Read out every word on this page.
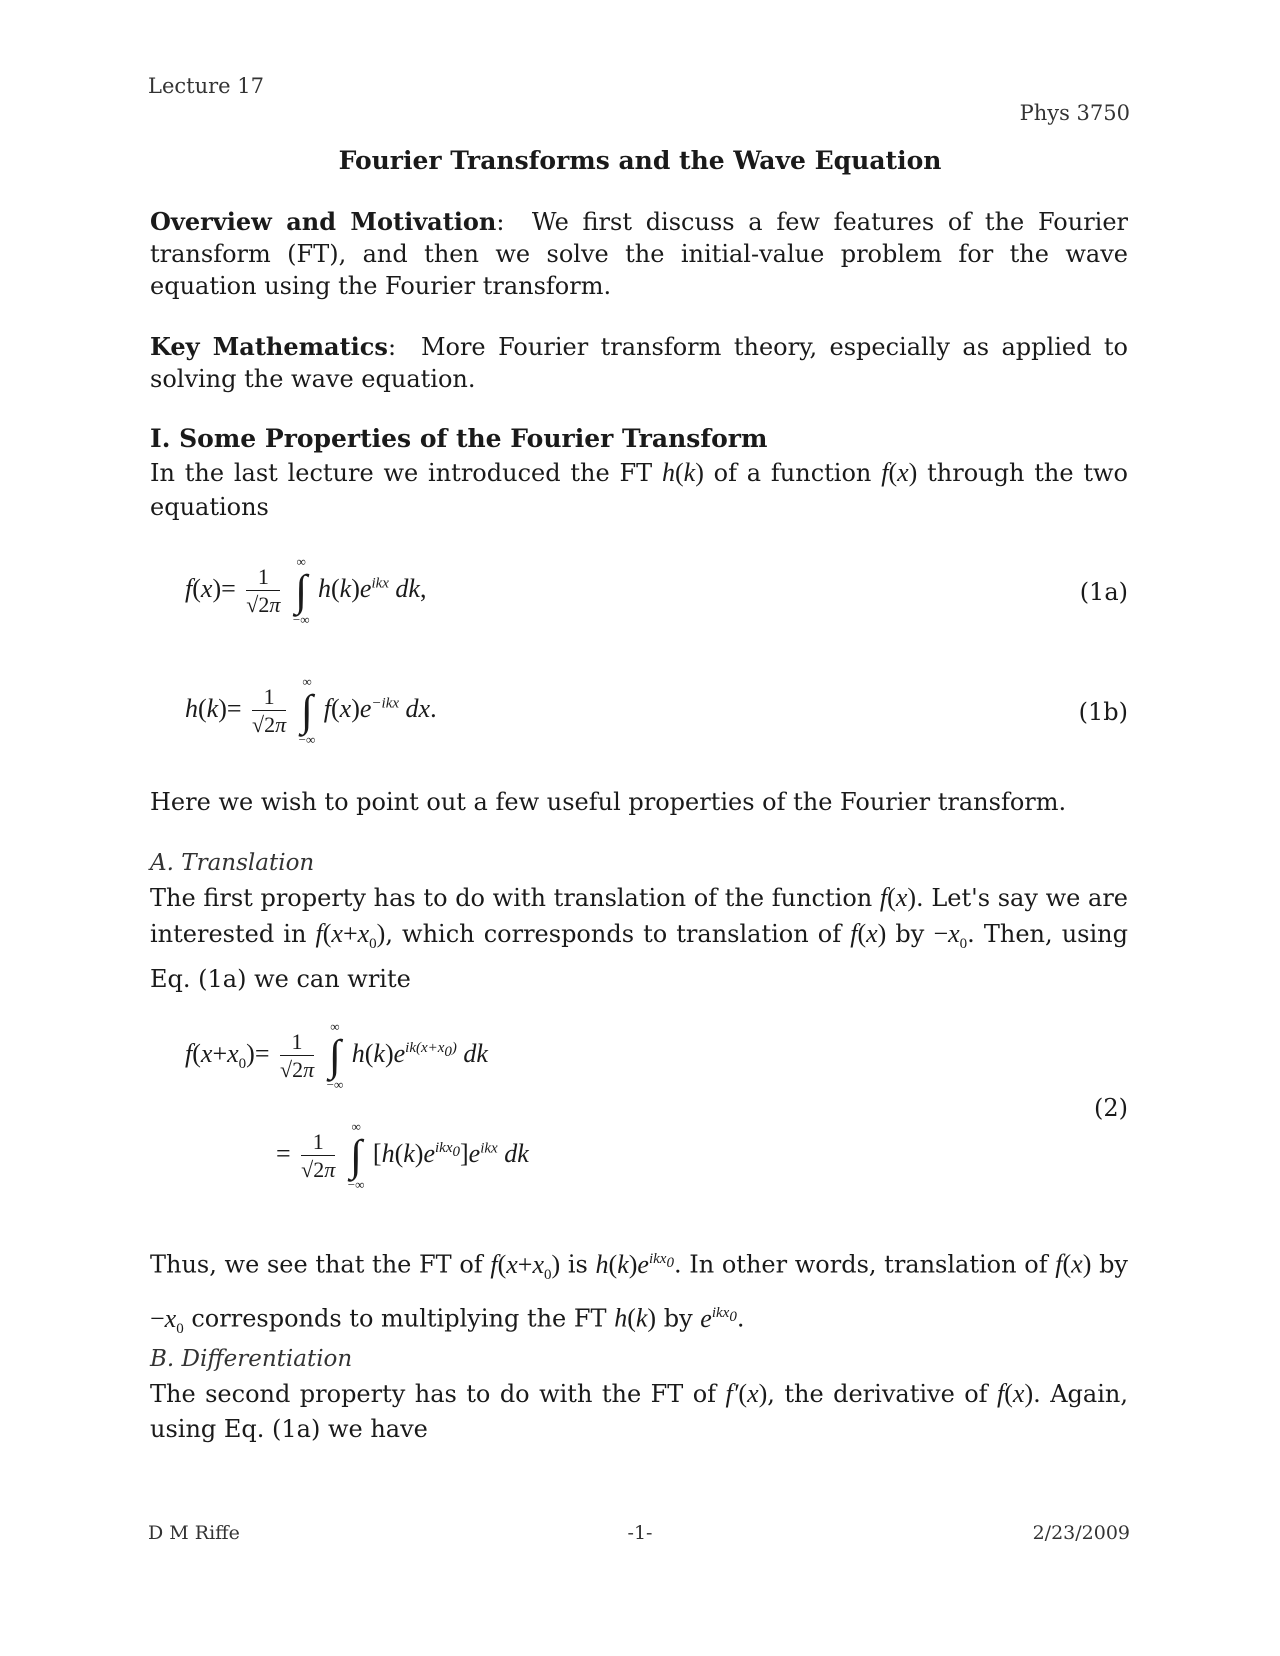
Lecture 17
Phys 3750
Fourier Transforms and the Wave Equation
Overview and Motivation:  We first discuss a few features of the Fourier transform (FT), and then we solve the initial-value problem for the wave equation using the Fourier transform.
Key Mathematics:  More Fourier transform theory, especially as applied to solving the wave equation.
I. Some Properties of the Fourier Transform
In the last lecture we introduced the FT h(k) of a function f(x) through the two equations
$f(x)= \frac{1}{√2\pi}$

∞
∫
−∞
$h(k)e^{ikx}$ dk,	(1a)
$h(k)= \frac{1}{√2\pi}$

∞
∫
−∞
$f(x)e^{-ikx}$ dx.	(1b)
Here we wish to point out a few useful properties of the Fourier transform.
A. Translation
The first property has to do with translation of the function f(x). Let's say we are interested in $f(x+x_0)$, which corresponds to translation of f(x) by $-x_0$. Then, using Eq. (1a) we can write
$f(x+x_0)= \frac{1}{√2\pi}$

∞
∫
−∞
$h(k)e^{ik(x+x_0)}$ dk
= $\frac{1}{√2\pi}$

∞
∫
−∞
$[h(k)e^{ikx_0}]e^{ikx}$ dk
(2)
Thus, we see that the FT of $f(x+x_0)$ is $h(k)e^{ikx_0}$. In other words, translation of f(x) by $-x_0$ corresponds to multiplying the FT h(k) by $e^{ikx_0}$.
B. Differentiation
The second property has to do with the FT of f′(x), the derivative of f(x). Again, using Eq. (1a) we have
D M Riffe	-1-	2/23/2009
